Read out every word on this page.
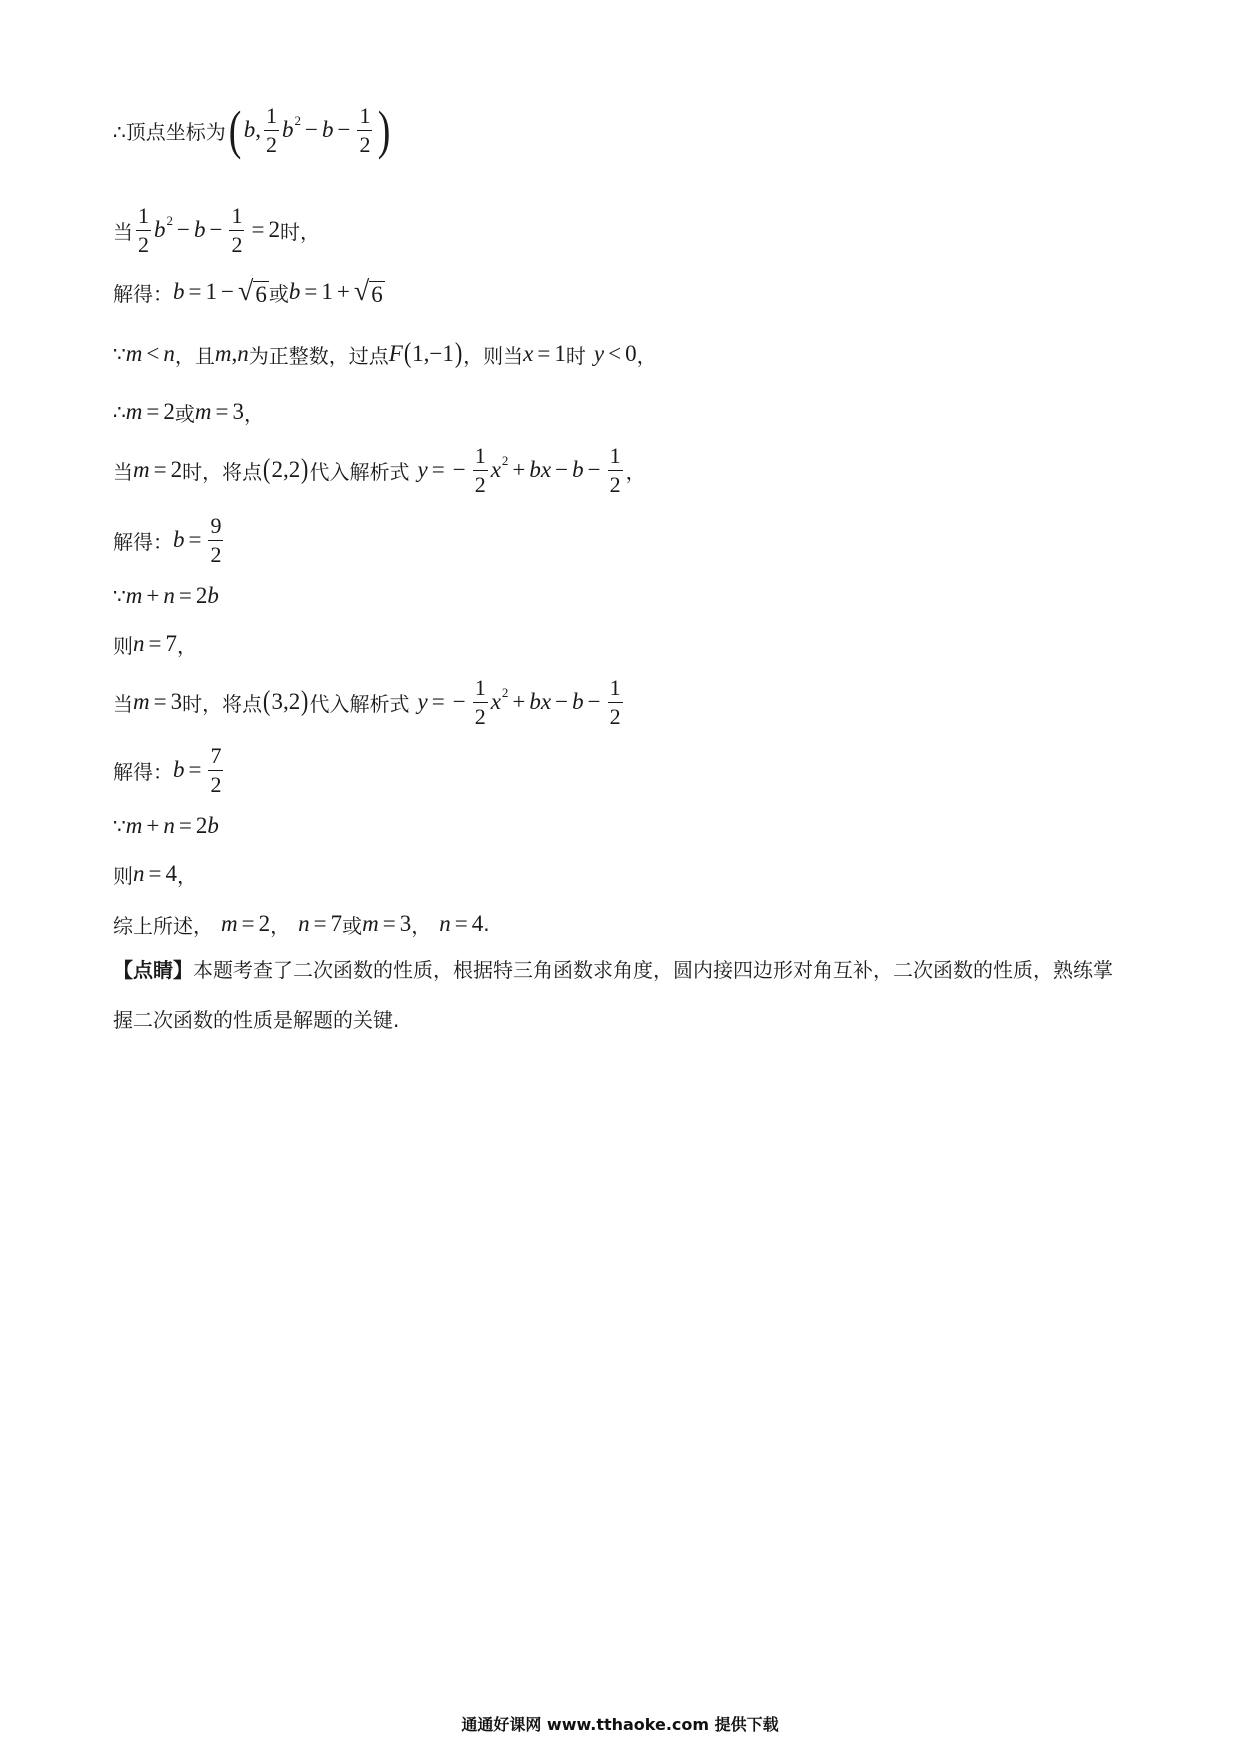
∴顶点坐标为 ( b , $\frac{1}{2}$ b $2 - b - \frac{1}{2}$ )
当 $\frac{1}{2}$ b $2 - b - \frac{1}{2} = 2$ 时，
解得： b = 1 − √ 6 或 b = 1 + √ 6
∵ m < n ，且 m , n 为正整数，过点 F ( 1,−1 ) ，则当 x = 1 时 y < 0 ，
∴ m = 2 或 m = 3 ，
当 m = 2 时，将点 ( 2,2 ) 代入解析式 y = − $\frac{1}{2}$ x 2 + bx − $b - \frac{1}{2}$ ，
解得： $b = \frac{9}{2}$
∵ m + n = 2 b
则 n = 7 ，
当 m = 3 时，将点 ( 3,2 ) 代入解析式 y = − $\frac{1}{2}$ x 2 + bx − $b - \frac{1}{2}$
解得： $b = \frac{7}{2}$
∵ m + n = 2 b
则 n = 4 ，
综上所述， m = 2 ， n = 7 或 m = 3 ， n = 4 .
【点睛】本题考查了二次函数的性质，根据特三角函数求角度，圆内接四边形对角互补，二次函数的性质，熟练掌握二次函数的性质是解题的关键.
通通好课网 www.tthaoke.com 提供下载
